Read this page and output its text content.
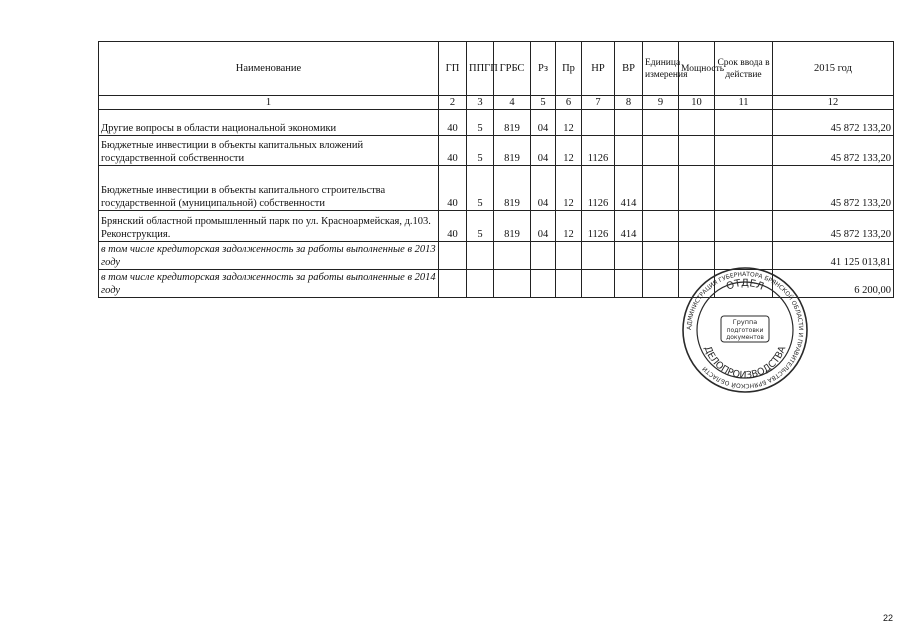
Наименование	ГП	ППГП	ГРБС	Рз	Пр	НР	ВР	Единица измерения	Мощность	Срок ввода в действие	2015 год
1	2	3	4	5	6	7	8	9	10	11	12
Другие вопросы в области национальной экономики	40	5	819	04	12						45 872 133,20
Бюджетные инвестиции в объекты капитальных вложений государственной собственности	40	5	819	04	12	1126					45 872 133,20
Бюджетные инвестиции в объекты капитального строительства государственной (муниципальной) собственности	40	5	819	04	12	1126	414				45 872 133,20
Брянский областной промышленный парк по ул. Красноармейская, д.103. Реконструкция.	40	5	819	04	12	1126	414				45 872 133,20
в том числе кредиторская задолженность за работы выполненные в 2013 году											41 125 013,81
в том числе кредиторская задолженность за работы выполненные в 2014 году											6 200,00
АДМИНИСТРАЦИЯ ГУБЕРНАТОРА БРЯНСКОЙ ОБЛАСТИ И ПРАВИТЕЛЬСТВА БРЯНСКОЙ ОБЛАСТИ
ОТДЕЛ
ДЕЛОПРОИЗВОДСТВА
Группа
подготовки
документов
22
